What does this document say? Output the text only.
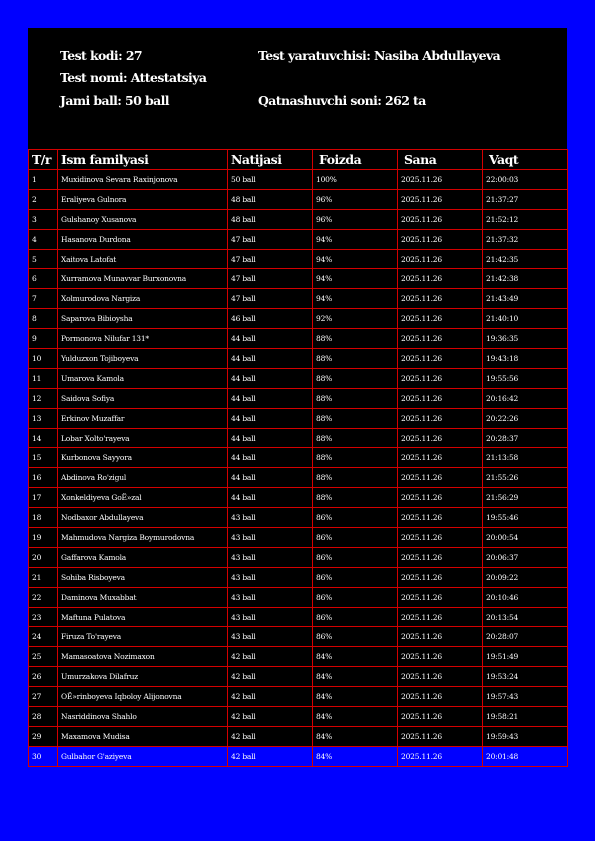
Test kodi: 27
Test nomi: Attestatsiya
Jami ball: 50 ball
Test yaratuvchisi: Nasiba Abdullayeva
Qatnashuvchi soni: 262 ta
T/r	Ism familyasi	Natijasi	Foizda	Sana	Vaqt
1	Muxidinova Sevara Raxinjonova	50 ball	100%	2025.11.26	22:00:03
2	Eraliyeva Gulnora	48 ball	96%	2025.11.26	21:37:27
3	Gulshanoy Xusanova	48 ball	96%	2025.11.26	21:52:12
4	Hasanova Durdona	47 ball	94%	2025.11.26	21:37:32
5	Xaitova Latofat	47 ball	94%	2025.11.26	21:42:35
6	Xurramova Munavvar Burxonovna	47 ball	94%	2025.11.26	21:42:38
7	Xolmurodova Nargiza	47 ball	94%	2025.11.26	21:43:49
8	Saparova Bibioysha	46 ball	92%	2025.11.26	21:40:10
9	Pormonova Nilufar 131*	44 ball	88%	2025.11.26	19:36:35
10	Yulduzxon Tojiboyeva	44 ball	88%	2025.11.26	19:43:18
11	Umarova Kamola	44 ball	88%	2025.11.26	19:55:56
12	Saidova Sofiya	44 ball	88%	2025.11.26	20:16:42
13	Erkinov Muzaffar	44 ball	88%	2025.11.26	20:22:26
14	Lobar Xolto'rayeva	44 ball	88%	2025.11.26	20:28:37
15	Kurbonova Sayyora	44 ball	88%	2025.11.26	21:13:58
16	Abdinova Ro'zigul	44 ball	88%	2025.11.26	21:55:26
17	Xonkeldiyeva GoЁ»zal	44 ball	88%	2025.11.26	21:56:29
18	Nodbaxor Abdullayeva	43 ball	86%	2025.11.26	19:55:46
19	Mahmudova Nargiza Boymurodovna	43 ball	86%	2025.11.26	20:00:54
20	Gaffarova Kamola	43 ball	86%	2025.11.26	20:06:37
21	Sohiba Risboyeva	43 ball	86%	2025.11.26	20:09:22
22	Daminova Muxabbat	43 ball	86%	2025.11.26	20:10:46
23	Maftuna Pulatova	43 ball	86%	2025.11.26	20:13:54
24	Firuza To'rayeva	43 ball	86%	2025.11.26	20:28:07
25	Mamasoatova Nozimaxon	42 ball	84%	2025.11.26	19:51:49
26	Umurzakova Dilafruz	42 ball	84%	2025.11.26	19:53:24
27	OЁ»rinboyeva Iqboloy Alijonovna	42 ball	84%	2025.11.26	19:57:43
28	Nasriddinova Shahlo	42 ball	84%	2025.11.26	19:58:21
29	Maxamova Mudisa	42 ball	84%	2025.11.26	19:59:43
30	Gulbahor G'aziyeva	42 ball	84%	2025.11.26	20:01:48
